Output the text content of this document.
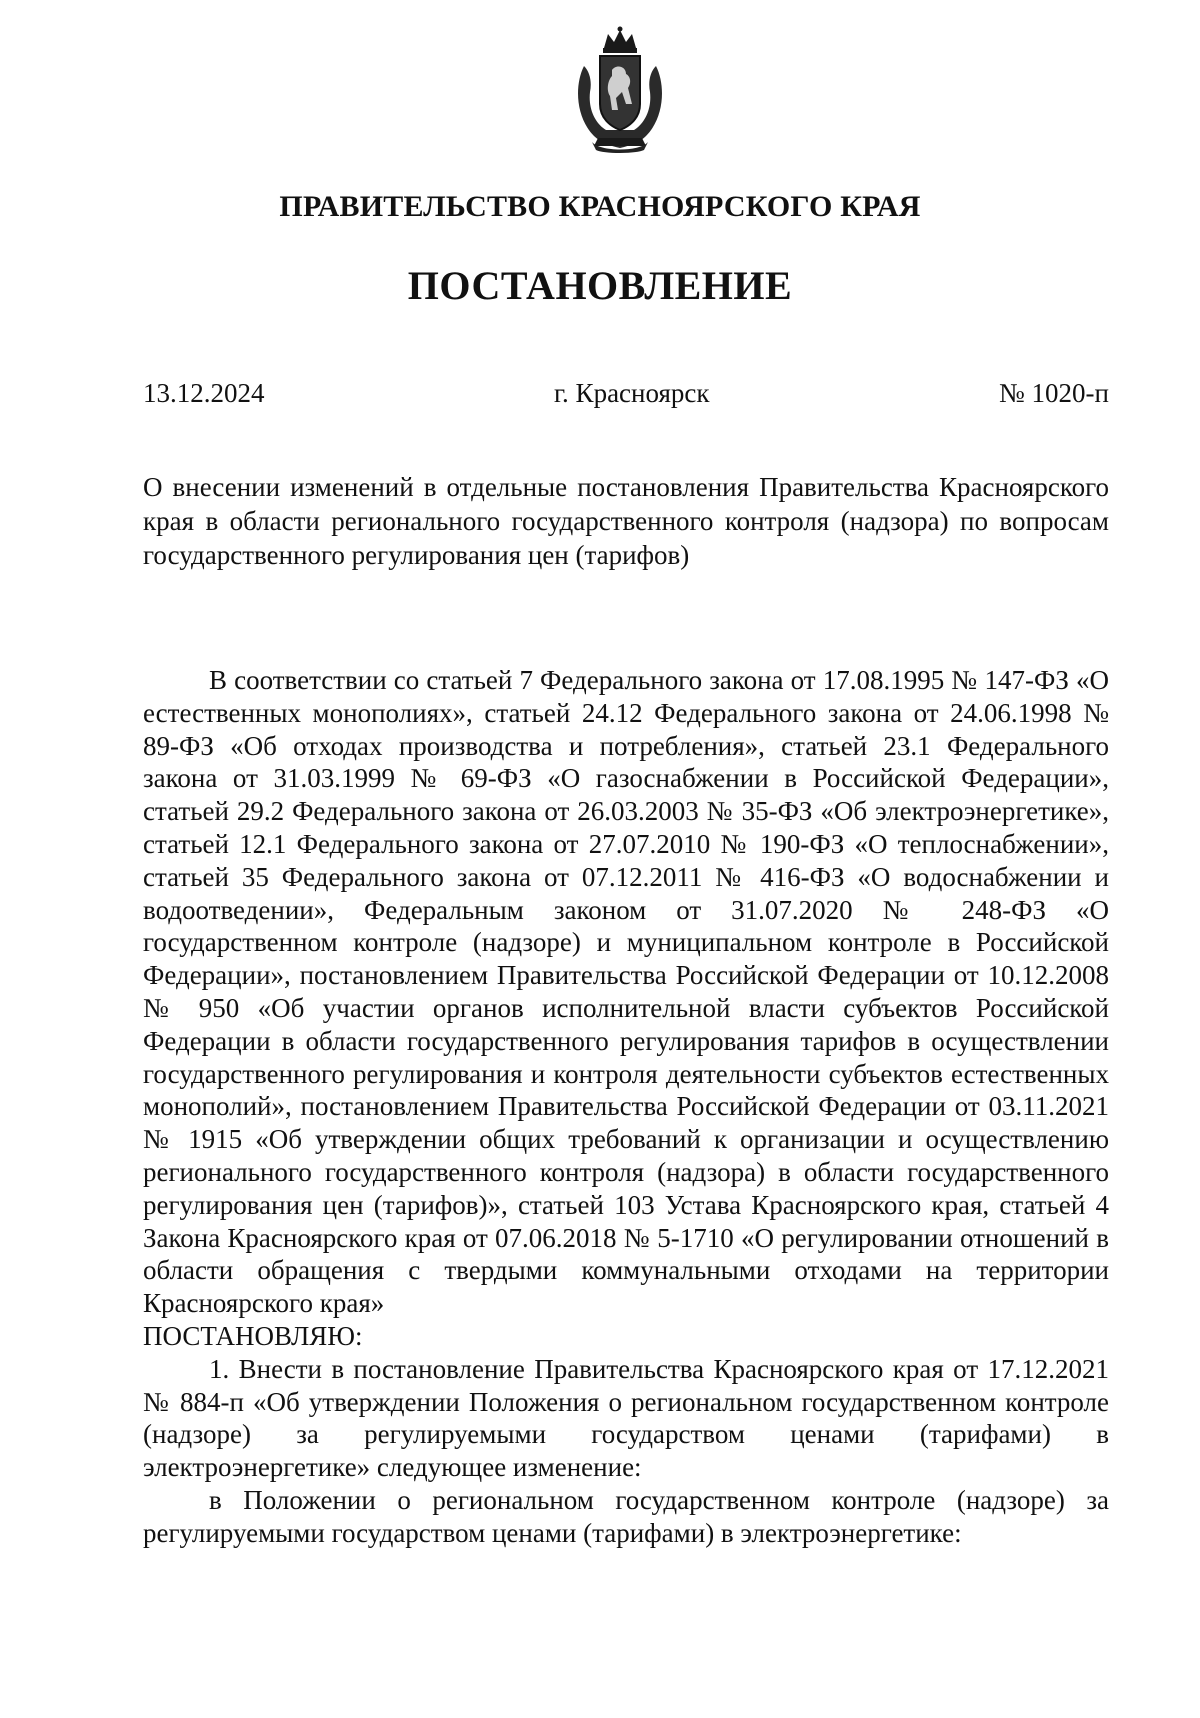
ПРАВИТЕЛЬСТВО КРАСНОЯРСКОГО КРАЯ
ПОСТАНОВЛЕНИЕ
13.12.2024	г. Красноярск	№ 1020-п
О внесении изменений в отдельные постановления Правительства Красноярского края в области регионального государственного контроля (надзора) по вопросам государственного регулирования цен (тарифов)

В соответствии со статьей 7 Федерального закона от 17.08.1995 № 147-ФЗ «О естественных монополиях», статьей 24.12 Федерального закона от 24.06.1998 № 89-ФЗ «Об отходах производства и потребления», статьей 23.1 Федерального закона от 31.03.1999 № 69-ФЗ «О газоснабжении в Российской Федерации», статьей 29.2 Федерального закона от 26.03.2003 № 35-ФЗ «Об электроэнергетике», статьей 12.1 Федерального закона от 27.07.2010 № 190-ФЗ «О теплоснабжении», статьей 35 Федерального закона от 07.12.2011 № 416-ФЗ «О водоснабжении и водоотведении», Федеральным законом от 31.07.2020 № 248-ФЗ «О государственном контроле (надзоре) и муниципальном контроле в Российской Федерации», постановлением Правительства Российской Федерации от 10.12.2008 № 950 «Об участии органов исполнительной власти субъектов Российской Федерации в области государственного регулирования тарифов в осуществлении государственного регулирования и контроля деятельности субъектов естественных монополий», постановлением Правительства Российской Федерации от 03.11.2021 № 1915 «Об утверждении общих требований к организации и осуществлению регионального государственного контроля (надзора) в области государственного регулирования цен (тарифов)», статьей 103 Устава Красноярского края, статьей 4 Закона Красноярского края от 07.06.2018 № 5-1710 «О регулировании отношений в области обращения с твердыми коммунальными отходами на территории Красноярского края»

ПОСТАНОВЛЯЮ:

1. Внести в постановление Правительства Красноярского края от 17.12.2021 № 884-п «Об утверждении Положения о региональном государственном контроле (надзоре) за регулируемыми государством ценами (тарифами) в электроэнергетике» следующее изменение:

в Положении о региональном государственном контроле (надзоре) за регулируемыми государством ценами (тарифами) в электроэнергетике:
